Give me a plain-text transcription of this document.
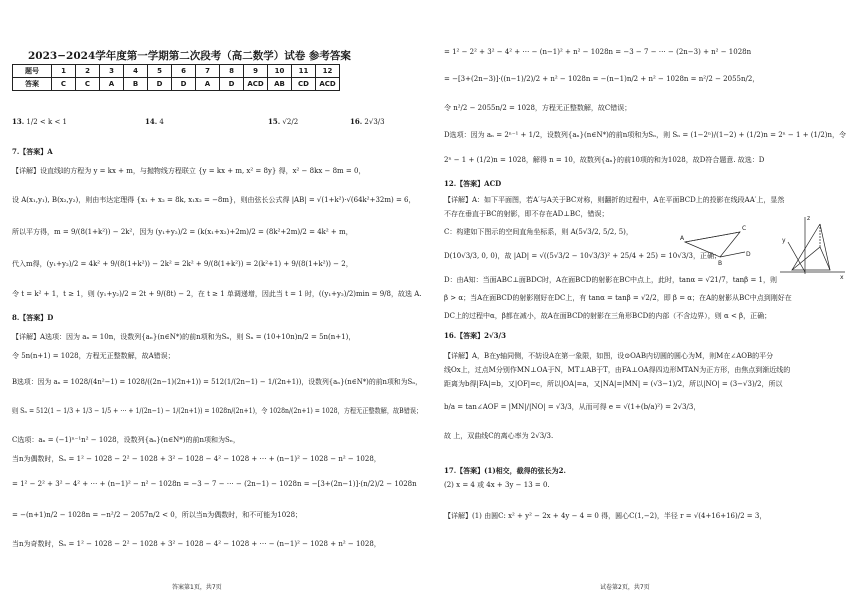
2023−2024学年度第一学期第二次段考（高二数学）试卷 参考答案
题号	1	2	3	4	5	6	7	8	9	10	11	12
答案	C	C	A	B	D	D	A	D	ACD	AB	CD	ACD
13. 1/2 < k < 1	14. 4	15. √2/2	16. 2√3/3
7.【答案】A
【详解】设直线l的方程为 y = kx + m，与抛物线方程联立 {y = kx + m, x² = 8y} 得，x² − 8kx − 8m = 0，
设 A(x₁,y₁), B(x₂,y₂)，则由韦达定理得 {x₁ + x₂ = 8k, x₁x₂ = −8m}，则由弦长公式得 |AB| = √(1+k²)·√(64k²+32m) = 6，
所以平方得，m = 9/(8(1+k²)) − 2k²，因为 (y₁+y₂)/2 = (k(x₁+x₂)+2m)/2 = (8k²+2m)/2 = 4k² + m，
代入m得，(y₁+y₂)/2 = 4k² + 9/(8(1+k²)) − 2k² = 2k² + 9/(8(1+k²)) = 2(k²+1) + 9/(8(1+k²)) − 2，
令 t = k² + 1，t ≥ 1，则 (y₁+y₂)/2 = 2t + 9/(8t) − 2，在 t ≥ 1 单调递增，因此当 t = 1 时，((y₁+y₂)/2)min = 9/8，故选 A.
8.【答案】D
【详解】A选项：因为 aₙ = 10n，设数列{aₙ}(n∈N*)的前n项和为Sₙ，则 Sₙ = (10+10n)n/2 = 5n(n+1)，
令 5n(n+1) = 1028，方程无正整数解，故A错误；
B选项：因为 aₙ = 1028/(4n²−1) = 1028/((2n−1)(2n+1)) = 512(1/(2n−1) − 1/(2n+1))，设数列{aₙ}(n∈N*)的前n项和为Sₙ，
则 Sₙ = 512(1 − 1/3 + 1/3 − 1/5 + ⋯ + 1/(2n−1) − 1/(2n+1)) = 1028n/(2n+1)，令 1028n/(2n+1) = 1028，方程无正整数解，故B错误；
C选项：aₙ = (−1)ⁿ⁻¹n² − 1028，设数列{aₙ}(n∈N*)的前n项和为Sₙ，
当n为偶数时，Sₙ = 1² − 1028 − 2² − 1028 + 3² − 1028 − 4² − 1028 + ⋯ + (n−1)² − 1028 − n² − 1028，
= 1² − 2² + 3² − 4² + ⋯ + (n−1)² − n² − 1028n = −3 − 7 − ⋯ − (2n−1) − 1028n = −[3+(2n−1)]·(n/2)/2 − 1028n
= −(n+1)n/2 − 1028n = −n²/2 − 2057n/2 < 0，所以当n为偶数时，和不可能为1028；
当n为奇数时，Sₙ = 1² − 1028 − 2² − 1028 + 3² − 1028 − 4² − 1028 + ⋯ − (n−1)² − 1028 + n² − 1028，
答案第1页，共7页
= 1² − 2² + 3² − 4² + ⋯ − (n−1)² + n² − 1028n = −3 − 7 − ⋯ − (2n−3) + n² − 1028n
= −[3+(2n−3)]·((n−1)/2)/2 + n² − 1028n = −(n−1)n/2 + n² − 1028n = n²/2 − 2055n/2，
令 n²/2 − 2055n/2 = 1028，方程无正整数解，故C错误；
D选项：因为 aₙ = 2ⁿ⁻¹ + 1/2，设数列{aₙ}(n∈N*)的前n项和为Sₙ，则 Sₙ = (1−2ⁿ)/(1−2) + (1/2)n = 2ⁿ − 1 + (1/2)n，令
2ⁿ − 1 + (1/2)n = 1028，解得 n = 10，故数列{aₙ}的前10项的和为1028，故D符合题意. 故选：D
12.【答案】ACD
【详解】A：如下平面图，若A′与A关于BC对称，则翻折的过程中，A在平面BCD上的投影在线段AA′上，显然
不存在垂直于BC的射影，即不存在AD⊥BC，错误；
C：构建如下图示的空间直角坐标系，则 A(5√3/2, 5/2, 5)，
D(10√3/3, 0, 0)，故 |AD| = √((5√3/2 − 10√3/3)² + 25/4 + 25) = 10√3/3，正确；
D：由A知：当面ABC⊥面BDC时，A在面BCD的射影在BC中点上，此时，tanα = √21/7，tanβ = 1，则
β > α；当A在面BCD的射影刚好在DC上，有 tanα = tanβ = √2/2，即 β = α；在A的射影从BC中点到刚好在
DC上的过程中α，β都在减小，故A在面BCD的射影在三角形BCD的内部（不含边界），则 α < β，正确；
16.【答案】2√3/3
【详解】A，B在y轴同侧，不妨设A在第一象限，如图，设⊙OAB内切圆的圆心为M，则M在∠AOB的平分
线Ox上，过点M分别作MN⊥OA于N，MT⊥AB于T，由FA⊥OA得四边形MTAN为正方形，由焦点到渐近线的
距离为b得|FA|=b，又|OF|=c，所以|OA|=a，又|NA|=|MN| = (√3−1)/2，所以|NO| = (3−√3)/2，所以
b/a = tan∠AOF = |MN|/|NO| = √3/3，从而可得 e = √(1+(b/a)²) = 2√3/3，
故 上，双曲线C的离心率为 2√3/3.
17.【答案】(1)相交，截得的弦长为2.
(2) x = 4 或 4x + 3y − 13 = 0.
【详解】(1) 由圆C: x² + y² − 2x + 4y − 4 = 0 得，圆心C(1,−2)，半径 r = √(4+16+16)/2 = 3，
A
B
C
D
x
y
z
试卷第2页，共7页
